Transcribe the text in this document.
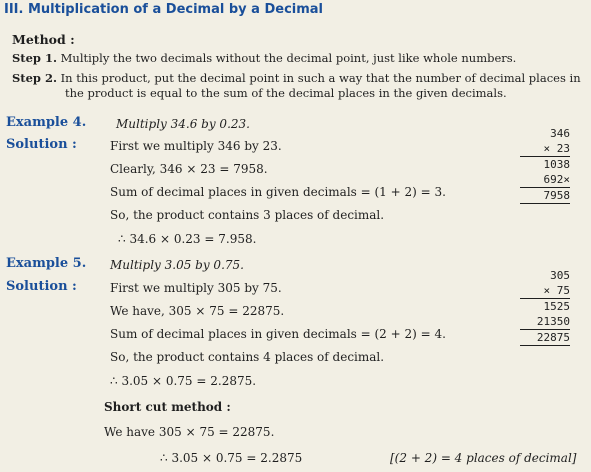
III. Multiplication of a Decimal by a Decimal
Method :
Step 1. Multiply the two decimals without the decimal point, just like whole numbers.
Step 2. In this product, put the decimal point in such a way that the number of decimal places in
the product is equal to the sum of the decimal places in the given decimals.
Example 4. Multiply 34.6 by 0.23.
Solution :	First we multiply 346 by 23.
Clearly, 346 × 23 = 7958.
Sum of decimal places in given decimals = (1 + 2) = 3.
So, the product contains 3 places of decimal.
∴ 34.6 × 0.23 = 7.958.
346
× 23
1038
692×
7958
Example 5. Multiply 3.05 by 0.75.
Solution :	First we multiply 305 by 75.
We have, 305 × 75 = 22875.
Sum of decimal places in given decimals = (2 + 2) = 4.
So, the product contains 4 places of decimal.
∴ 3.05 × 0.75 = 2.2875.
305
× 75
1525
21350
22875
Short cut method :
We have 305 × 75 = 22875.
∴ 3.05 × 0.75 = 2.2875	[(2 + 2) = 4 places of decimal]
